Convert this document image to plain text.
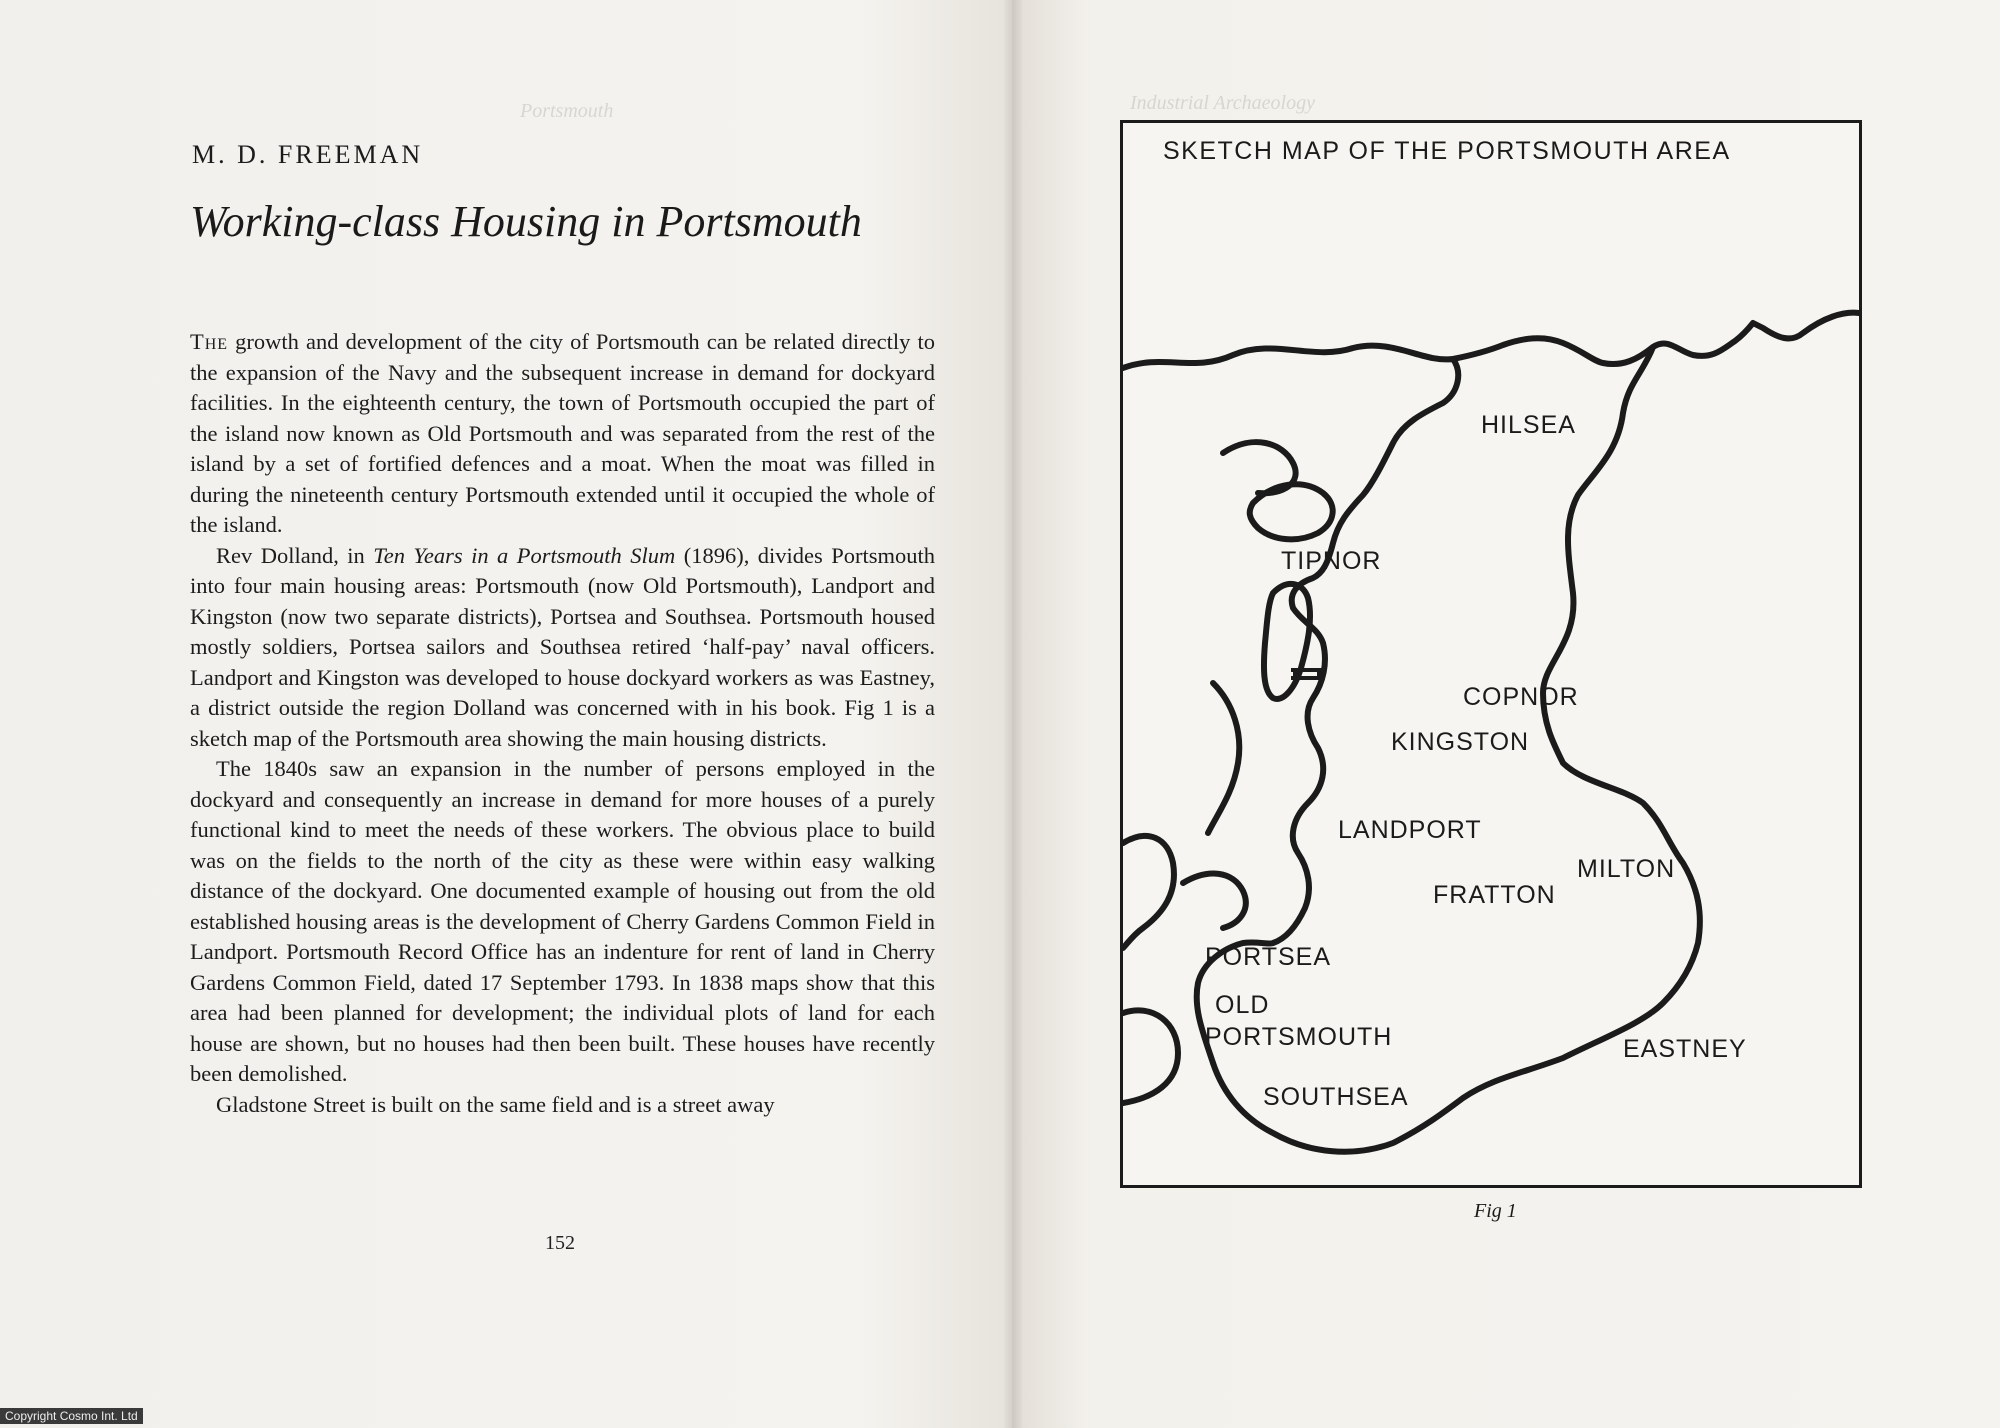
Portsmouth	Industrial Archaeology
M. D. FREEMAN
Working-class Housing in Portsmouth

The growth and development of the city of Portsmouth can be related directly to the expansion of the Navy and the subsequent increase in demand for dockyard facilities. In the eighteenth century, the town of Portsmouth occupied the part of the island now known as Old Portsmouth and was separated from the rest of the island by a set of fortified defences and a moat. When the moat was filled in during the nineteenth century Portsmouth extended until it occupied the whole of the island.

Rev Dolland, in Ten Years in a Portsmouth Slum (1896), divides Portsmouth into four main housing areas: Portsmouth (now Old Portsmouth), Landport and Kingston (now two separate districts), Portsea and Southsea. Portsmouth housed mostly soldiers, Portsea sailors and Southsea retired ‘half-pay’ naval officers. Landport and Kingston was developed to house dockyard workers as was Eastney, a district outside the region Dolland was concerned with in his book. Fig 1 is a sketch map of the Portsmouth area showing the main housing districts.

The 1840s saw an expansion in the number of persons employed in the dockyard and consequently an increase in demand for more houses of a purely functional kind to meet the needs of these workers. The obvious place to build was on the fields to the north of the city as these were within easy walking distance of the dockyard. One documented example of housing out from the old established housing areas is the development of Cherry Gardens Common Field in Landport. Portsmouth Record Office has an indenture for rent of land in Cherry Gardens Common Field, dated 17 September 1793. In 1838 maps show that this area had been planned for development; the individual plots of land for each house are shown, but no houses had then been built. These houses have recently been demolished.

Gladstone Street is built on the same field and is a street away

152
SKETCH MAP OF THE PORTSMOUTH AREA
HILSEA
TIPNOR
COPNOR
KINGSTON
LANDPORT
MILTON
FRATTON
PORTSEA
OLD
PORTSMOUTH	EASTNEY
SOUTHSEA
Fig 1
Copyright Cosmo Int. Ltd
